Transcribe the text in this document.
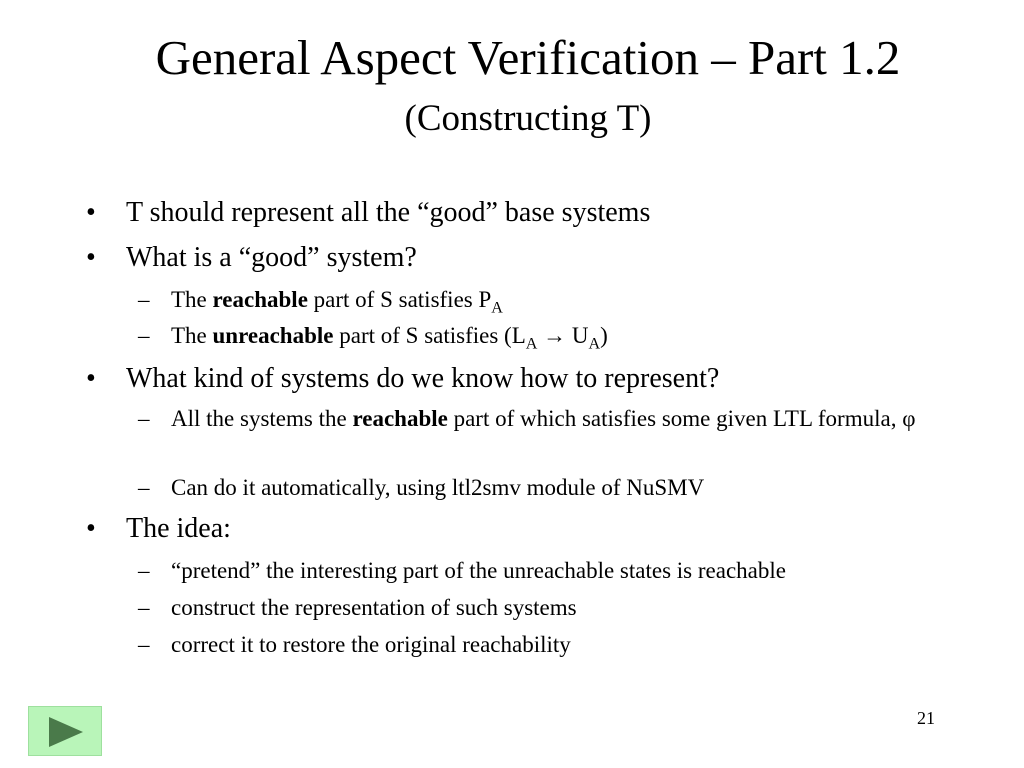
General Aspect Verification – Part 1.2
(Constructing T)
• T should represent all the “good” base systems
• What is a “good” system?
– The reachable part of S satisfies $P_A$
– The unreachable part of S satisfies $(L_A \to U_A)$
• What kind of systems do we know how to represent?
– All the systems the reachable part of which satisfies some given LTL formula, φ
– Can do it automatically, using ltl2smv module of NuSMV
• The idea:
– “pretend” the interesting part of the unreachable states is reachable
– construct the representation of such systems
– correct it to restore the original reachability
21
